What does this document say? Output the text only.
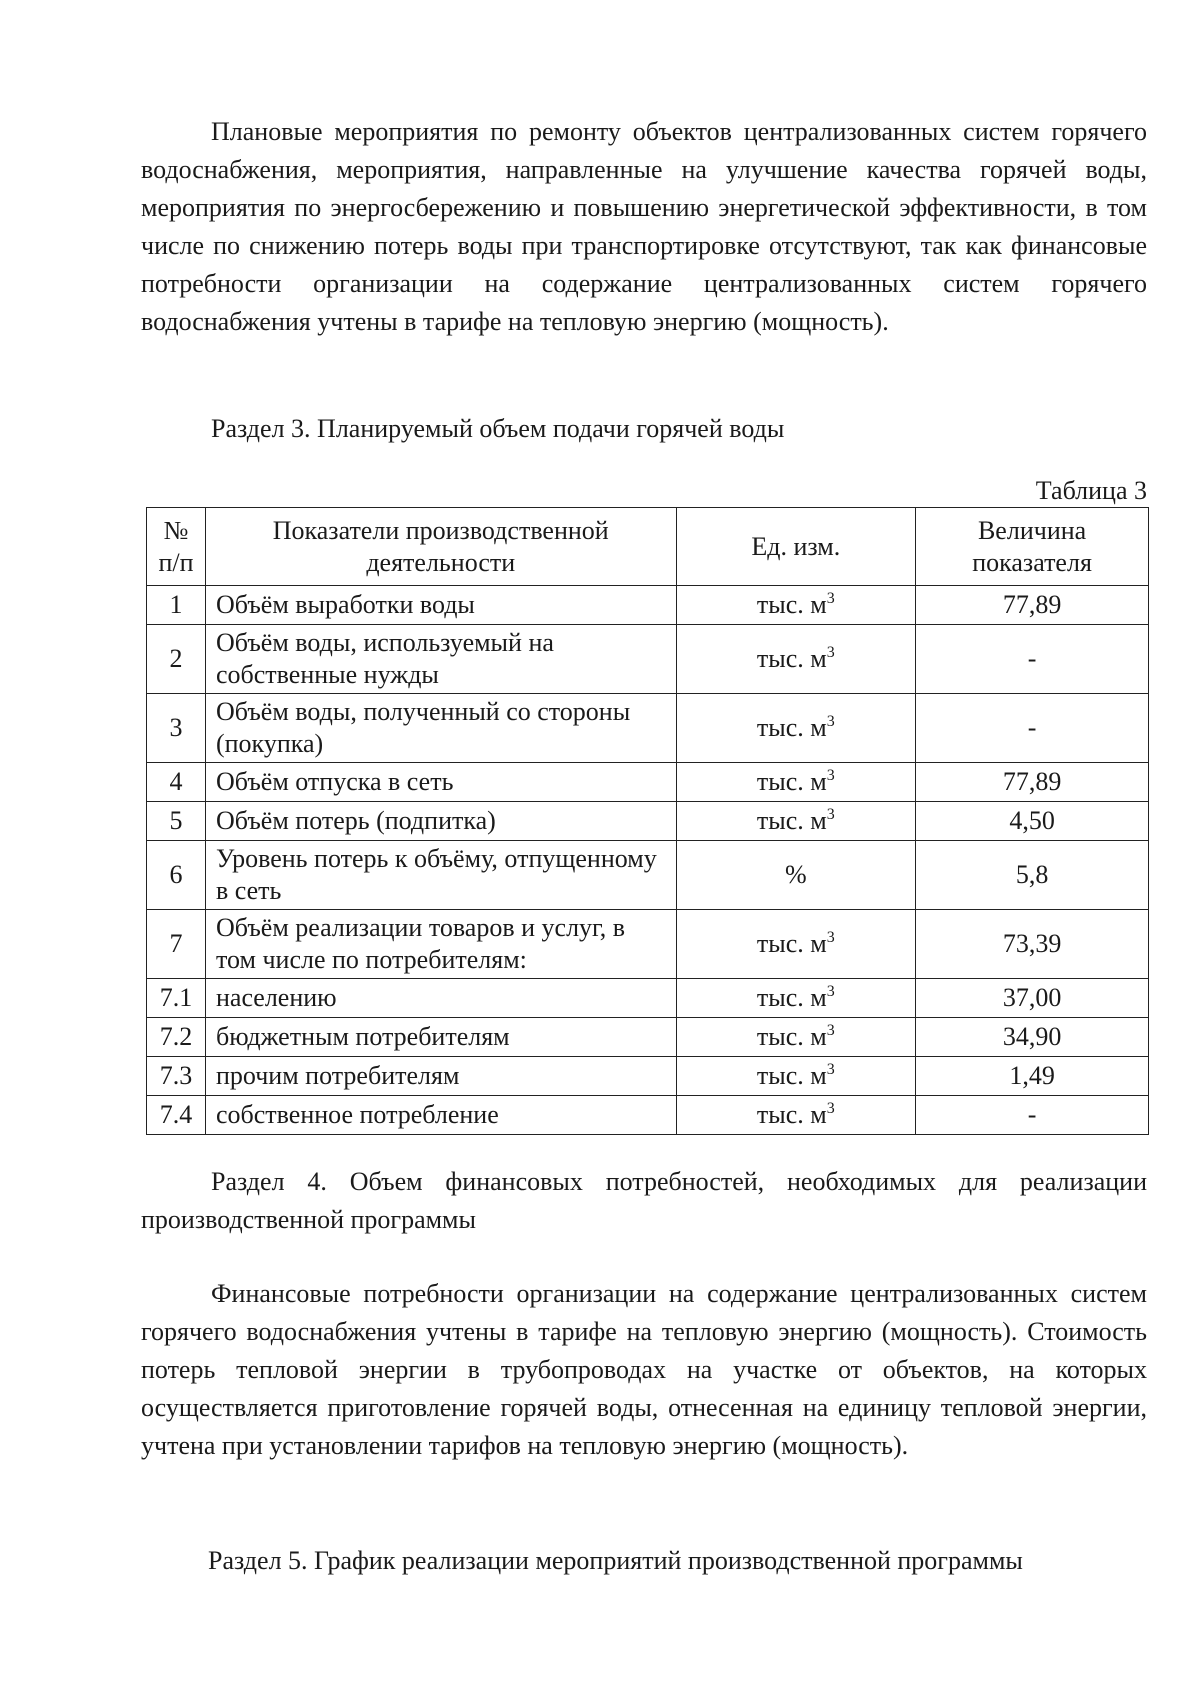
Плановые мероприятия по ремонту объектов централизованных систем горячего водоснабжения, мероприятия, направленные на улучшение качества горячей воды, мероприятия по энергосбережению и повышению энергетической эффективности, в том числе по снижению потерь воды при транспортировке отсутствуют, так как финансовые потребности организации на содержание централизованных систем горячего водоснабжения учтены в тарифе на тепловую энергию (мощность).

Раздел 3. Планируемый объем подачи горячей воды

Таблица 3
№ п/п	Показатели производственной деятельности	Ед. изм.	Величина показателя
1	Объём выработки воды	тыс. $м^3$	77,89
2	Объём воды, используемый на собственные нужды	тыс. $м^3$	-
3	Объём воды, полученный со стороны (покупка)	тыс. $м^3$	-
4	Объём отпуска в сеть	тыс. $м^3$	77,89
5	Объём потерь (подпитка)	тыс. $м^3$	4,50
6	Уровень потерь к объёму, отпущенному в сеть	%	5,8
7	Объём реализации товаров и услуг, в том числе по потребителям:	тыс. $м^3$	73,39
7.1	населению	тыс. $м^3$	37,00
7.2	бюджетным потребителям	тыс. $м^3$	34,90
7.3	прочим потребителям	тыс. $м^3$	1,49
7.4	собственное потребление	тыс. $м^3$	-

Раздел 4. Объем финансовых потребностей, необходимых для реализации производственной программы

Финансовые потребности организации на содержание централизованных систем горячего водоснабжения учтены в тарифе на тепловую энергию (мощность). Стоимость потерь тепловой энергии в трубопроводах на участке от объектов, на которых осуществляется приготовление горячей воды, отнесенная на единицу тепловой энергии, учтена при установлении тарифов на тепловую энергию (мощность).

Раздел 5. График реализации мероприятий производственной программы
